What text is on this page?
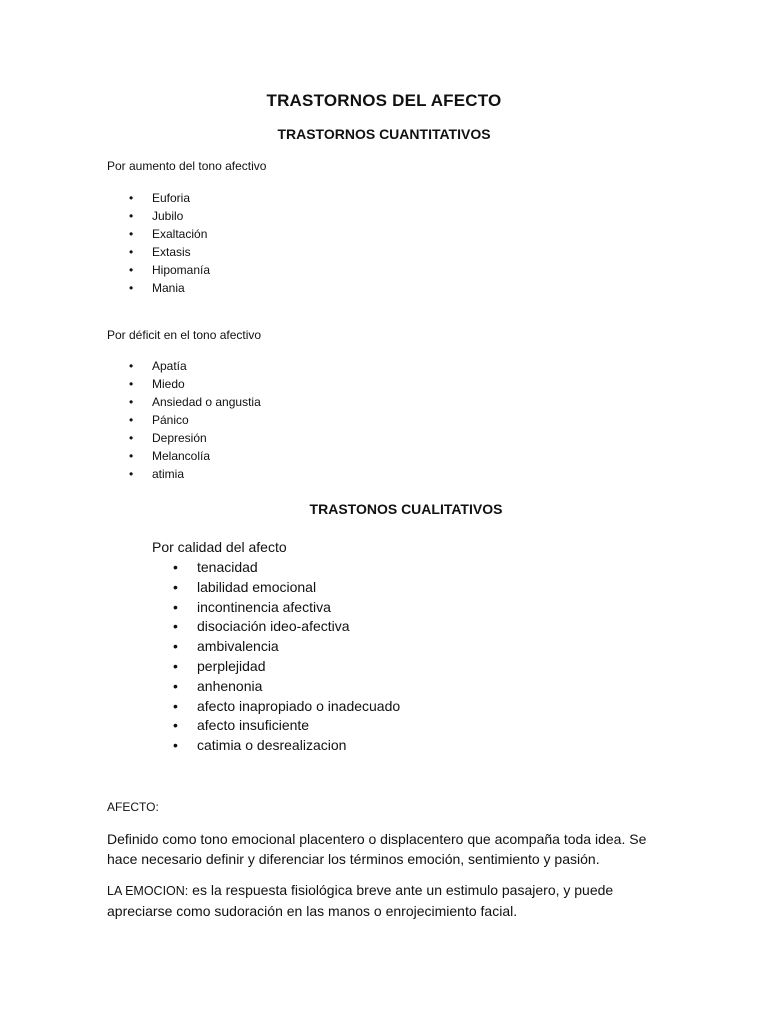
TRASTORNOS DEL AFECTO
TRASTORNOS CUANTITATIVOS
Por aumento del tono afectivo
• Euforia
• Jubilo
• Exaltación
• Extasis
• Hipomanía
• Mania
Por déficit en el tono afectivo
• Apatía
• Miedo
• Ansiedad o angustia
• Pánico
• Depresión
• Melancolía
• atimia
TRASTONOS CUALITATIVOS
Por calidad del afecto
• tenacidad
• labilidad emocional
• incontinencia afectiva
• disociación ideo-afectiva
• ambivalencia
• perplejidad
• anhenonia
• afecto inapropiado o inadecuado
• afecto insuficiente
• catimia o desrealizacion
AFECTO:
Definido como tono emocional placentero o displacentero que acompaña toda idea. Se
hace necesario definir y diferenciar los términos emoción, sentimiento y pasión.
LA EMOCION: es la respuesta fisiológica breve ante un estimulo pasajero, y puede
apreciarse como sudoración en las manos o enrojecimiento facial.
